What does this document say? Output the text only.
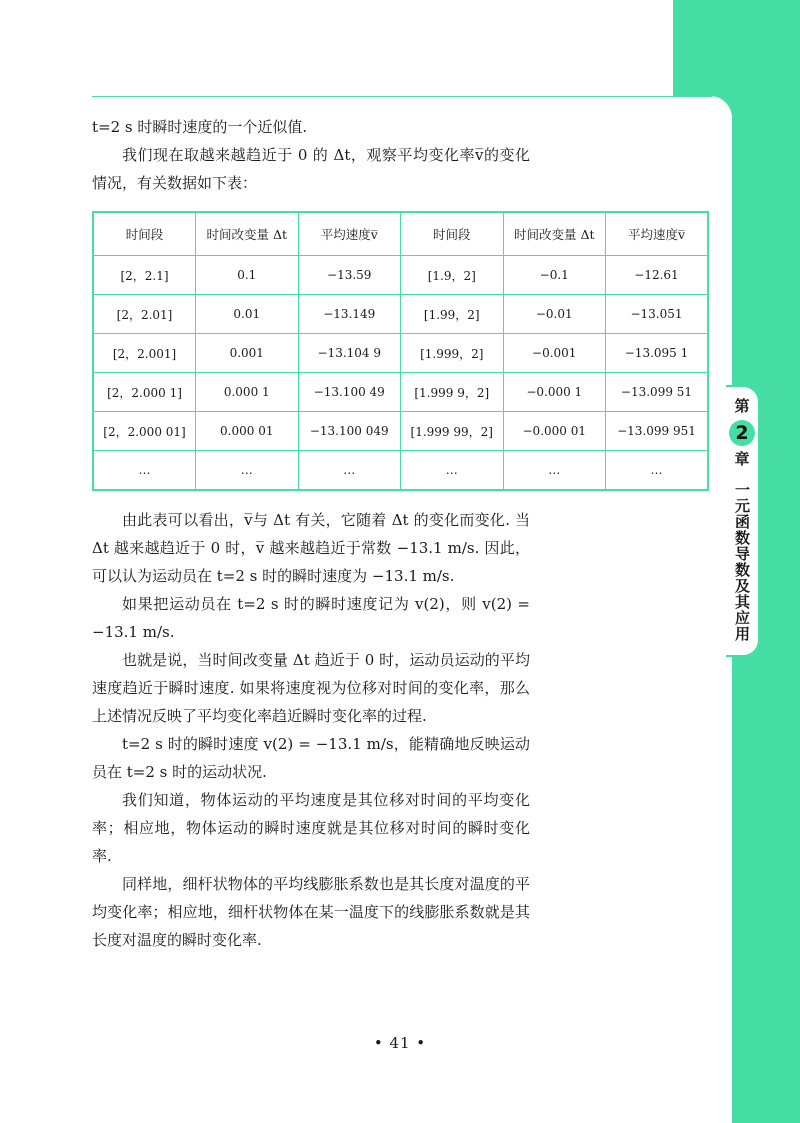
第
2
章
一元函数导数及其应用

t=2 s 时瞬时速度的一个近似值.

我们现在取越来越趋近于 0 的 Δt，观察平均变化率v̅的变化情况，有关数据如下表：

时间段	时间改变量 Δt	平均速度v̅	时间段	时间改变量 Δt	平均速度v̅
[2，2.1]	0.1	−13.59	[1.9，2]	−0.1	−12.61
[2，2.01]	0.01	−13.149	[1.99，2]	−0.01	−13.051
[2，2.001]	0.001	−13.104 9	[1.999，2]	−0.001	−13.095 1
[2，2.000 1]	0.000 1	−13.100 49	[1.999 9，2]	−0.000 1	−13.099 51
[2，2.000 01]	0.000 01	−13.100 049	[1.999 99，2]	−0.000 01	−13.099 951
…	…	…	…	…	…

由此表可以看出，v̅与 Δt 有关，它随着 Δt 的变化而变化. 当 Δt 越来越趋近于 0 时，v̅ 越来越趋近于常数 −13.1 m/s. 因此，可以认为运动员在 t=2 s 时的瞬时速度为 −13.1 m/s.

如果把运动员在 t=2 s 时的瞬时速度记为 v(2)，则 v(2) = −13.1 m/s.

也就是说，当时间改变量 Δt 趋近于 0 时，运动员运动的平均速度趋近于瞬时速度. 如果将速度视为位移对时间的变化率，那么上述情况反映了平均变化率趋近瞬时变化率的过程.

t=2 s 时的瞬时速度 v(2) = −13.1 m/s，能精确地反映运动员在 t=2 s 时的运动状况.

我们知道，物体运动的平均速度是其位移对时间的平均变化率；相应地，物体运动的瞬时速度就是其位移对时间的瞬时变化率.

同样地，细杆状物体的平均线膨胀系数也是其长度对温度的平均变化率；相应地，细杆状物体在某一温度下的线膨胀系数就是其长度对温度的瞬时变化率.

• 41 •
